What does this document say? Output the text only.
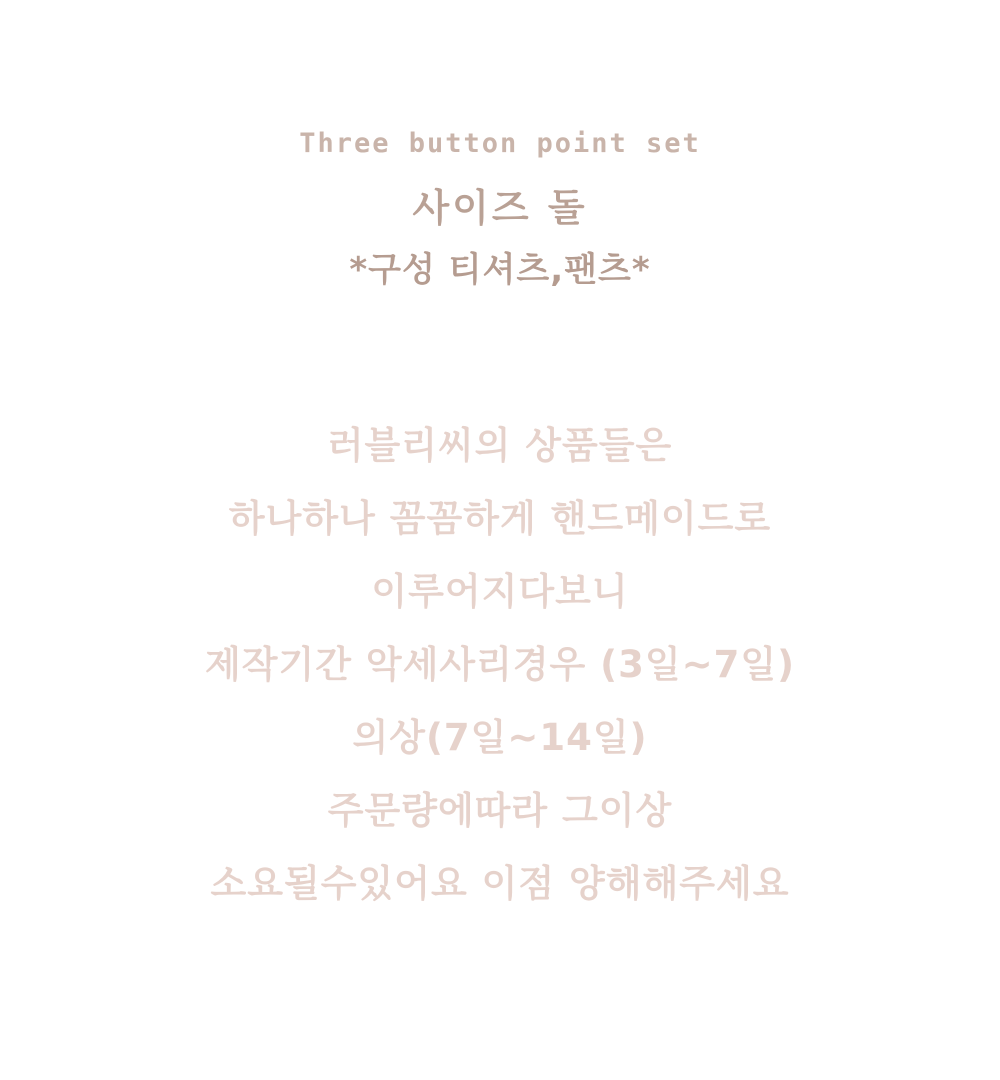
Three button point set
사이즈 돌
*구성 티셔츠,팬츠*
러블리씨의 상품들은
하나하나 꼼꼼하게 핸드메이드로
이루어지다보니
제작기간 악세사리경우 (3일~7일)
의상(7일~14일)
주문량에따라 그이상
소요될수있어요 이점 양해해주세요
